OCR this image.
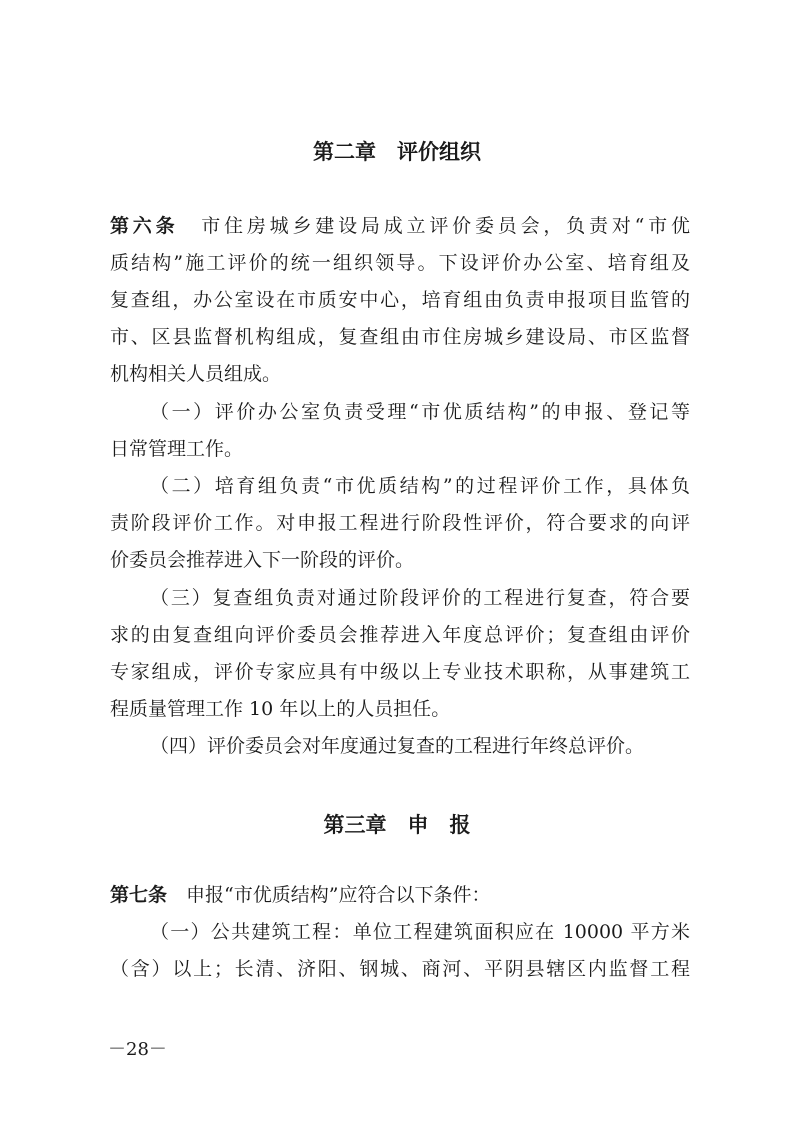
第二章　评价组织
第六条　市住房城乡建设局成立评价委员会，负责对“市优
质结构”施工评价的统一组织领导。下设评价办公室、培育组及
复查组，办公室设在市质安中心，培育组由负责申报项目监管的
市、区县监督机构组成，复查组由市住房城乡建设局、市区监督
机构相关人员组成。
（一）评价办公室负责受理“市优质结构”的申报、登记等
日常管理工作。
（二）培育组负责“市优质结构”的过程评价工作，具体负
责阶段评价工作。对申报工程进行阶段性评价，符合要求的向评
价委员会推荐进入下一阶段的评价。
（三）复查组负责对通过阶段评价的工程进行复查，符合要
求的由复查组向评价委员会推荐进入年度总评价；复查组由评价
专家组成，评价专家应具有中级以上专业技术职称，从事建筑工
程质量管理工作 10 年以上的人员担任。
（四）评价委员会对年度通过复查的工程进行年终总评价。
第三章　申　报
第七条　申报“市优质结构”应符合以下条件：
（一）公共建筑工程：单位工程建筑面积应在 10000 平方米
（含）以上；长清、济阳、钢城、商河、平阴县辖区内监督工程
－28－
